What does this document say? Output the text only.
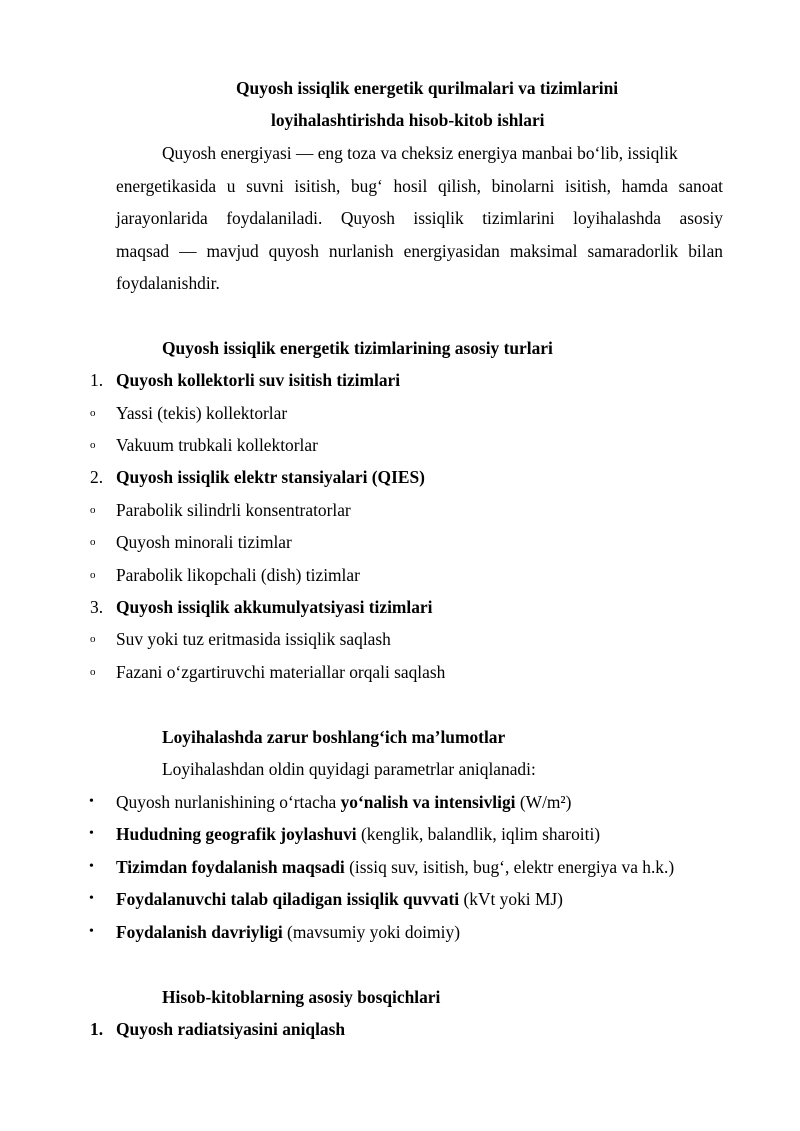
Quyosh issiqlik energetik qurilmalari va tizimlarini
loyihalashtirishda hisob-kitob ishlari
Quyosh energiyasi — eng toza va cheksiz energiya manbai bo‘lib, issiqlik
energetikasida u suvni isitish, bug‘ hosil qilish, binolarni isitish, hamda sanoat
jarayonlarida foydalaniladi. Quyosh issiqlik tizimlarini loyihalashda asosiy
maqsad — mavjud quyosh nurlanish energiyasidan maksimal samaradorlik bilan
foydalanishdir.
Quyosh issiqlik energetik tizimlarining asosiy turlari
1. Quyosh kollektorli suv isitish tizimlari
o Yassi (tekis) kollektorlar
o Vakuum trubkali kollektorlar
2. Quyosh issiqlik elektr stansiyalari (QIES)
o Parabolik silindrli konsentratorlar
o Quyosh minorali tizimlar
o Parabolik likopchali (dish) tizimlar
3. Quyosh issiqlik akkumulyatsiyasi tizimlari
o Suv yoki tuz eritmasida issiqlik saqlash
o Fazani o‘zgartiruvchi materiallar orqali saqlash
Loyihalashda zarur boshlang‘ich ma’lumotlar
Loyihalashdan oldin quyidagi parametrlar aniqlanadi:
• Quyosh nurlanishining o‘rtacha yo‘nalish va intensivligi (W/m²)
• Hududning geografik joylashuvi (kenglik, balandlik, iqlim sharoiti)
• Tizimdan foydalanish maqsadi (issiq suv, isitish, bug‘, elektr energiya va h.k.)
• Foydalanuvchi talab qiladigan issiqlik quvvati (kVt yoki MJ)
• Foydalanish davriyligi (mavsumiy yoki doimiy)
Hisob-kitoblarning asosiy bosqichlari
1. Quyosh radiatsiyasini aniqlash
